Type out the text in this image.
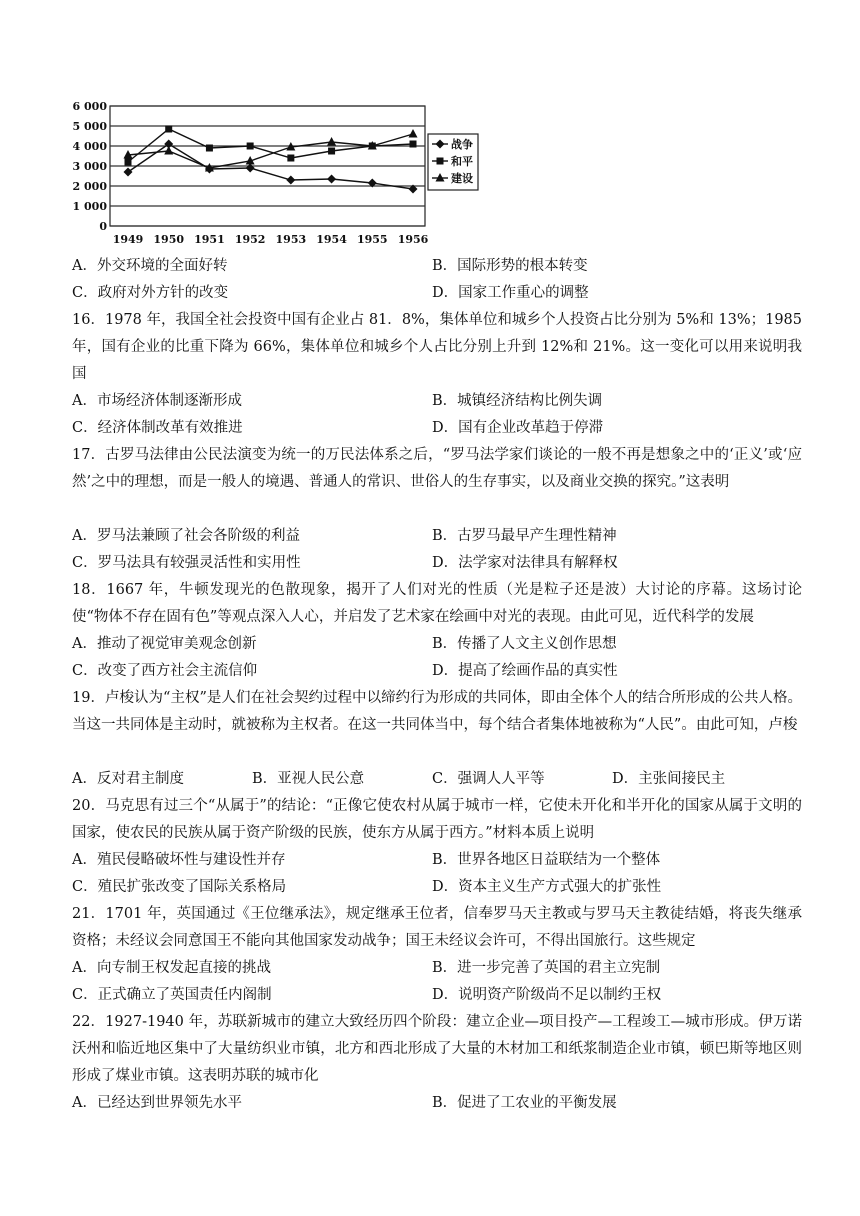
6 000
5 000
4 000
3 000
2 000
1 000
0
1949 1950 1951 1952 1953 1954 1955 1956
战争
和平
建设
A．外交环境的全面好转	B．国际形势的根本转变
C．政府对外方针的改变	D．国家工作重心的调整
16．1978 年，我国全社会投资中国有企业占 81．8%，集体单位和城乡个人投资占比分别为 5%和 13%；1985 年，国有企业的比重下降为 66%，集体单位和城乡个人占比分别上升到 12%和 21%。这一变化可以用来说明我国
A．市场经济体制逐渐形成	B．城镇经济结构比例失调
C．经济体制改革有效推进	D．国有企业改革趋于停滞
17．古罗马法律由公民法演变为统一的万民法体系之后，“罗马法学家们谈论的一般不再是想象之中的‘正义’或‘应然’之中的理想，而是一般人的境遇、普通人的常识、世俗人的生存事实，以及商业交换的探究。”这表明
A．罗马法兼顾了社会各阶级的利益	B．古罗马最早产生理性精神
C．罗马法具有较强灵活性和实用性	D．法学家对法律具有解释权
18．1667 年，牛顿发现光的色散现象，揭开了人们对光的性质（光是粒子还是波）大讨论的序幕。这场讨论使“物体不存在固有色”等观点深入人心，并启发了艺术家在绘画中对光的表现。由此可见，近代科学的发展
A．推动了视觉审美观念创新	B．传播了人文主义创作思想
C．改变了西方社会主流信仰	D．提高了绘画作品的真实性
19．卢梭认为“主权”是人们在社会契约过程中以缔约行为形成的共同体，即由全体个人的结合所形成的公共人格。当这一共同体是主动时，就被称为主权者。在这一共同体当中，每个结合者集体地被称为“人民”。由此可知，卢梭
A．反对君主制度	B．亚视人民公意	C．强调人人平等	D．主张间接民主
20．马克思有过三个“从属于”的结论：“正像它使农村从属于城市一样，它使未开化和半开化的国家从属于文明的国家，使农民的民族从属于资产阶级的民族，使东方从属于西方。”材料本质上说明
A．殖民侵略破坏性与建设性并存	B．世界各地区日益联结为一个整体
C．殖民扩张改变了国际关系格局	D．资本主义生产方式强大的扩张性
21．1701 年，英国通过《王位继承法》，规定继承王位者，信奉罗马天主教或与罗马天主教徒结婚，将丧失继承资格；未经议会同意国王不能向其他国家发动战争；国王未经议会许可，不得出国旅行。这些规定
A．向专制王权发起直接的挑战	B．进一步完善了英国的君主立宪制
C．正式确立了英国责任内阁制	D．说明资产阶级尚不足以制约王权
22．1927-1940 年，苏联新城市的建立大致经历四个阶段：建立企业—项目投产—工程竣工—城市形成。伊万诺沃州和临近地区集中了大量纺织业市镇，北方和西北形成了大量的木材加工和纸浆制造企业市镇，顿巴斯等地区则形成了煤业市镇。这表明苏联的城市化
A．已经达到世界领先水平	B．促进了工农业的平衡发展
